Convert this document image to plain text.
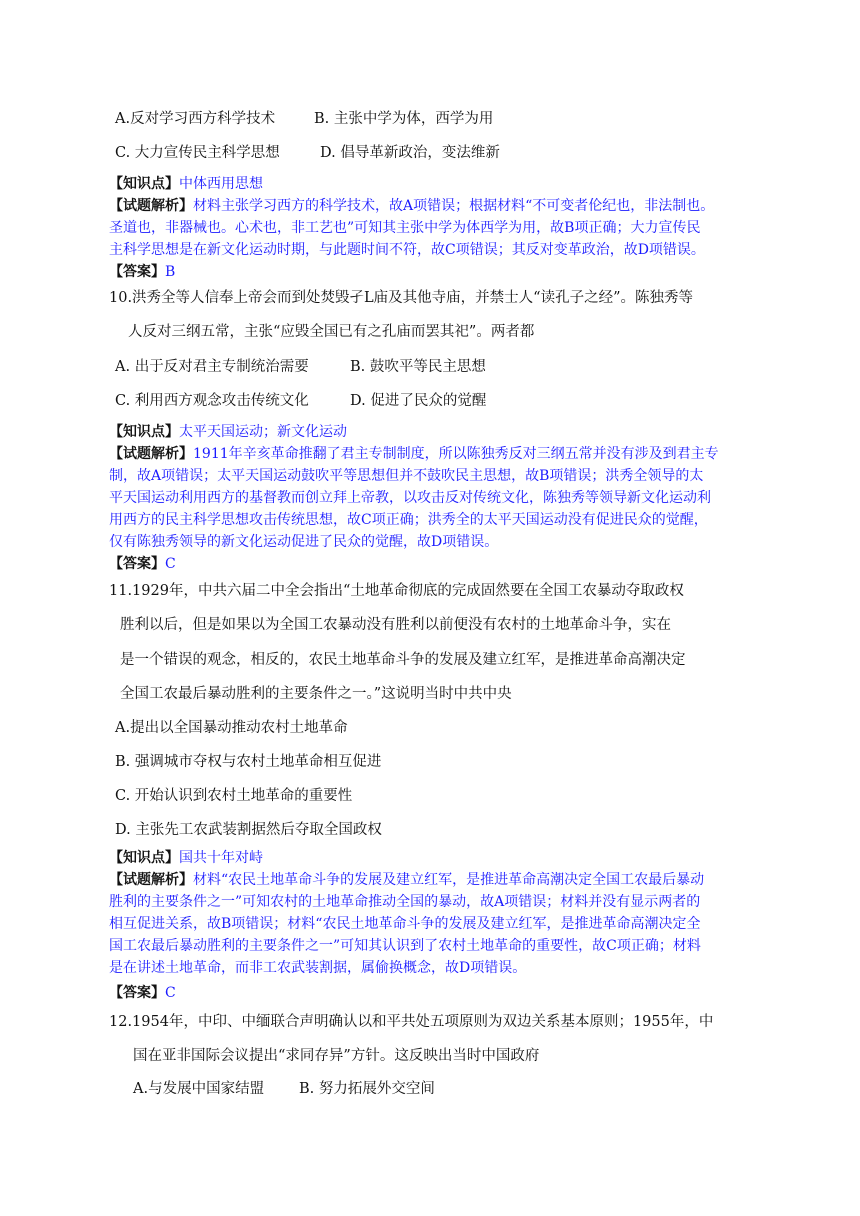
A.反对学习西方科学技术	B. 主张中学为体，西学为用
C. 大力宣传民主科学思想	D. 倡导革新政治，变法维新
【知识点】中体西用思想
【试题解析】材料主张学习西方的科学技术，故A项错误；根据材料“不可变者伦纪也，非法制也。
圣道也，非器械也。心术也，非工艺也”可知其主张中学为体西学为用，故B项正确；大力宣传民
主科学思想是在新文化运动时期，与此题时间不符，故C项错误；其反对变革政治，故D项错误。
【答案】B
10.洪秀全等人信奉上帝会而到处焚毁孑L庙及其他寺庙，并禁士人“读孔子之经”。陈独秀等
人反对三纲五常，主张“应毁全国已有之孔庙而罢其祀”。两者都
A. 出于反对君主专制统治需要	B. 鼓吹平等民主思想
C. 利用西方观念攻击传统文化	D. 促进了民众的觉醒
【知识点】太平天国运动；新文化运动
【试题解析】1911年辛亥革命推翻了君主专制制度，所以陈独秀反对三纲五常并没有涉及到君主专
制，故A项错误；太平天国运动鼓吹平等思想但并不鼓吹民主思想，故B项错误；洪秀全领导的太
平天国运动利用西方的基督教而创立拜上帝教，以攻击反对传统文化，陈独秀等领导新文化运动利
用西方的民主科学思想攻击传统思想，故C项正确；洪秀全的太平天国运动没有促进民众的觉醒，
仅有陈独秀领导的新文化运动促进了民众的觉醒，故D项错误。
【答案】C
11.1929年，中共六届二中全会指出“土地革命彻底的完成固然要在全国工农暴动夺取政权
胜利以后，但是如果以为全国工农暴动没有胜利以前便没有农村的土地革命斗争，实在
是一个错误的观念，相反的，农民土地革命斗争的发展及建立红军，是推进革命高潮决定
全国工农最后暴动胜利的主要条件之一。”这说明当时中共中央
A.提出以全国暴动推动农村土地革命
B. 强调城市夺权与农村土地革命相互促进
C. 开始认识到农村土地革命的重要性
D. 主张先工农武装割据然后夺取全国政权
【知识点】国共十年对峙
【试题解析】材料“农民土地革命斗争的发展及建立红军，是推进革命高潮决定全国工农最后暴动
胜利的主要条件之一”可知农村的土地革命推动全国的暴动，故A项错误；材料并没有显示两者的
相互促进关系，故B项错误；材料“农民土地革命斗争的发展及建立红军，是推进革命高潮决定全
国工农最后暴动胜利的主要条件之一”可知其认识到了农村土地革命的重要性，故C项正确；材料
是在讲述土地革命，而非工农武装割据，属偷换概念，故D项错误。
【答案】C
12.1954年，中印、中缅联合声明确认以和平共处五项原则为双边关系基本原则；1955年，中
国在亚非国际会议提出“求同存异”方针。这反映出当时中国政府
A.与发展中国家结盟 B. 努力拓展外交空间
